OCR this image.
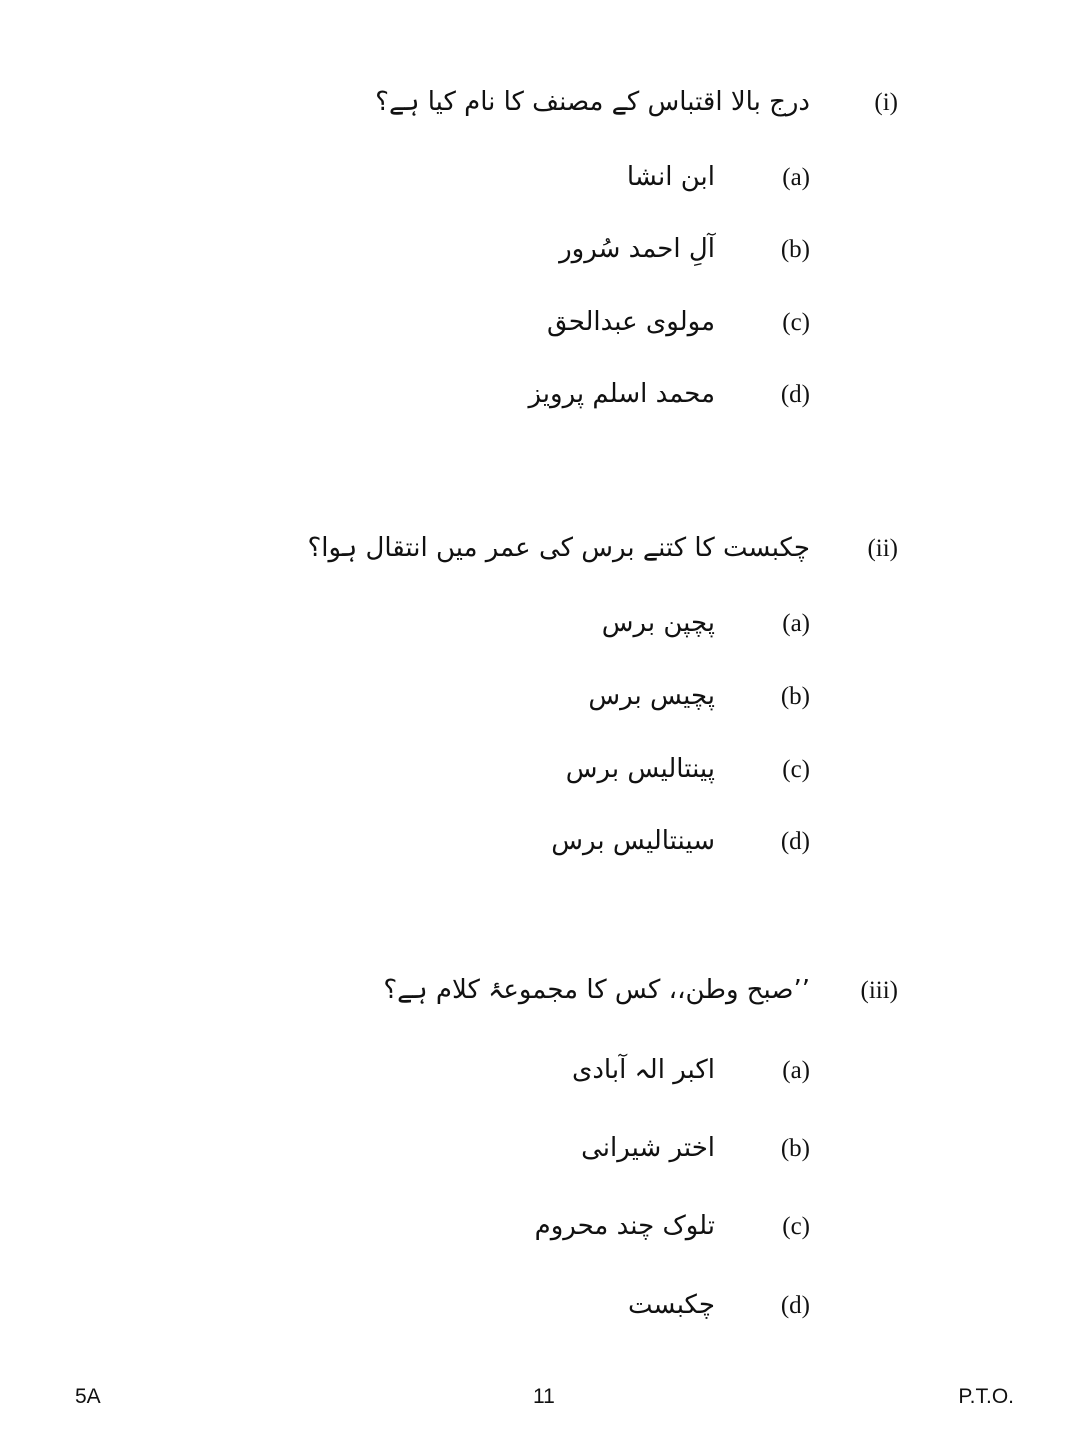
(i)
درج بالا اقتباس کے مصنف کا نام کیا ہے؟
(a)
ابن انشا
(b)
آلِ احمد سُرور
(c)
مولوی عبدالحق
(d)
محمد اسلم پرویز
(ii)
چکبست کا کتنے برس کی عمر میں انتقال ہوا؟
(a)
پچپن برس
(b)
پچیس برس
(c)
پینتالیس برس
(d)
سینتالیس برس
(iii)
’’صبح وطن،، کس کا مجموعۂ کلام ہے؟
(a)
اکبر الہ آبادی
(b)
اختر شیرانی
(c)
تلوک چند محروم
(d)
چکبست
5A	11	P.T.O.
